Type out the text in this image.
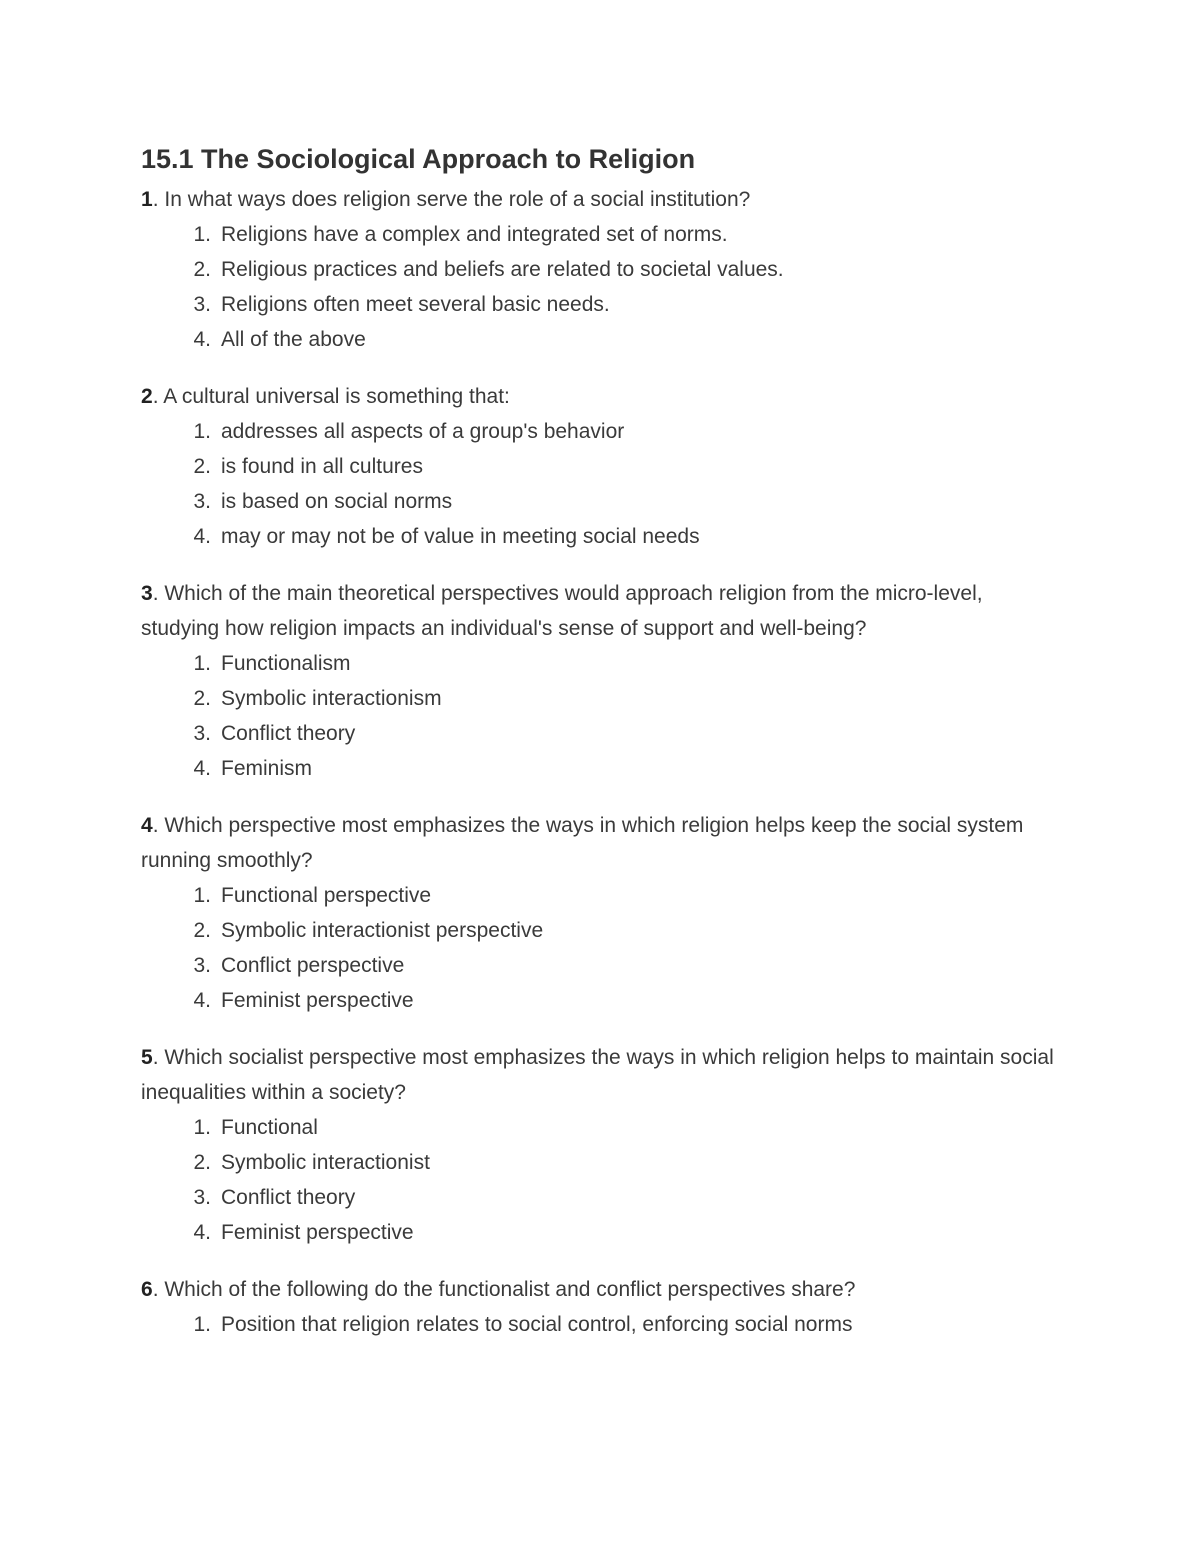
15.1 The Sociological Approach to Religion

1. In what ways does religion serve the role of a social institution?

1. Religions have a complex and integrated set of norms.
2. Religious practices and beliefs are related to societal values.
3. Religions often meet several basic needs.
4. All of the above

2. A cultural universal is something that:

1. addresses all aspects of a group's behavior
2. is found in all cultures
3. is based on social norms
4. may or may not be of value in meeting social needs

3. Which of the main theoretical perspectives would approach religion from the micro-level, studying how religion impacts an individual's sense of support and well-being?

1. Functionalism
2. Symbolic interactionism
3. Conflict theory
4. Feminism

4. Which perspective most emphasizes the ways in which religion helps keep the social system running smoothly?

1. Functional perspective
2. Symbolic interactionist perspective
3. Conflict perspective
4. Feminist perspective

5. Which socialist perspective most emphasizes the ways in which religion helps to maintain social inequalities within a society?

1. Functional
2. Symbolic interactionist
3. Conflict theory
4. Feminist perspective

6. Which of the following do the functionalist and conflict perspectives share?

1. Position that religion relates to social control, enforcing social norms
